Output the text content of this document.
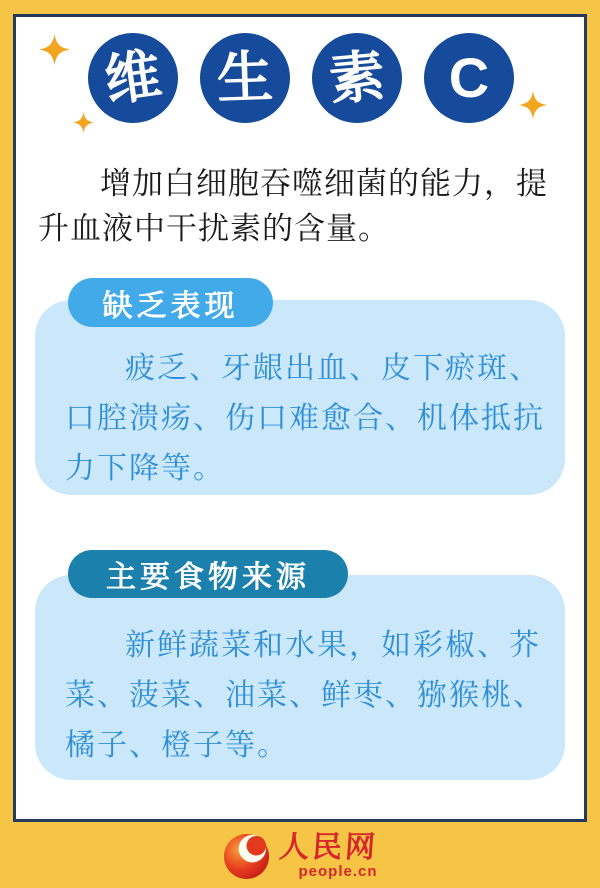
维 生 素 C
增加白细胞吞噬细菌的能力，提
升血液中干扰素的含量。
疲乏、牙龈出血、皮下瘀斑、
口腔溃疡、伤口难愈合、机体抵抗
力下降等。
缺乏表现
新鲜蔬菜和水果，如彩椒、芥
菜、菠菜、油菜、鲜枣、猕猴桃、
橘子、橙子等。
主要食物来源
人民网
people.cn
